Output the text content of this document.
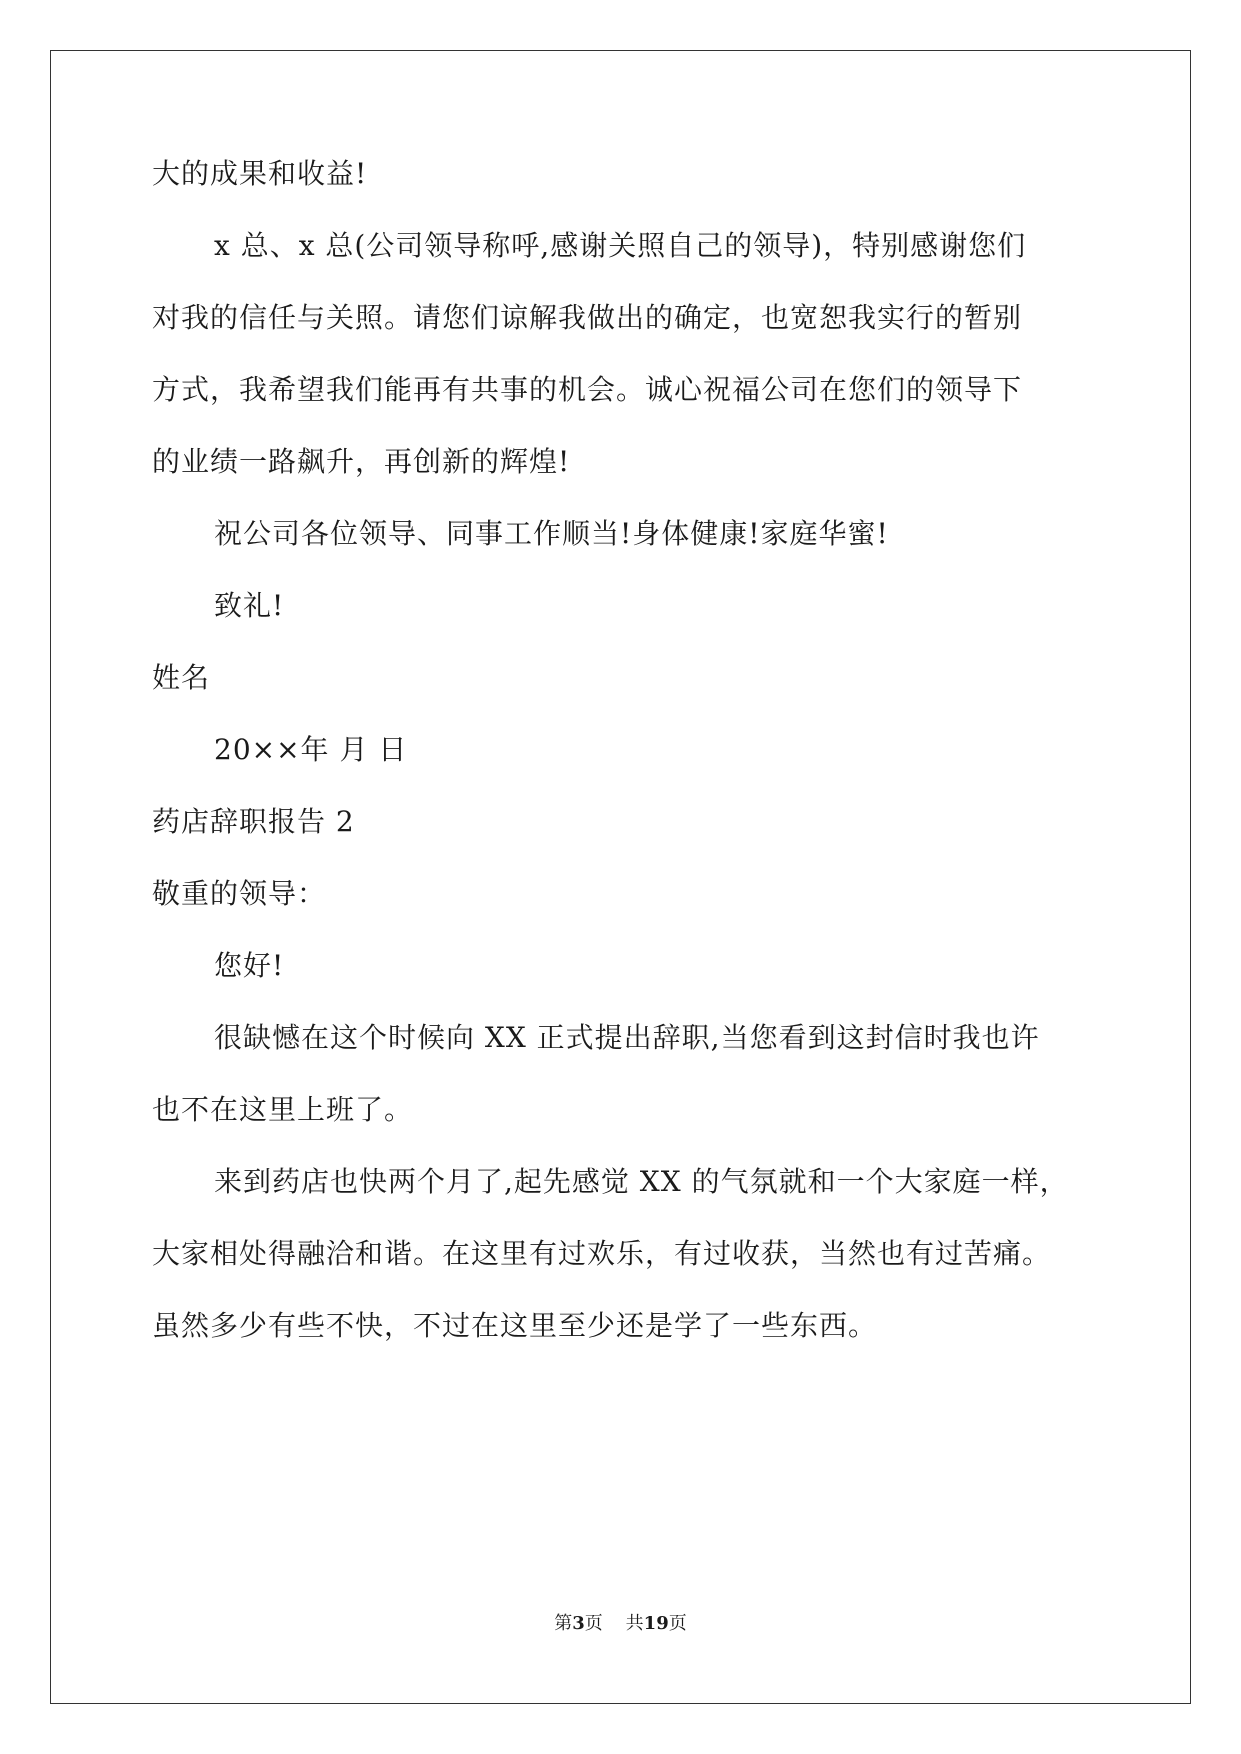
大的成果和收益!
x 总、x 总(公司领导称呼,感谢关照自己的领导)，特别感谢您们
对我的信任与关照。请您们谅解我做出的确定，也宽恕我实行的暂别
方式，我希望我们能再有共事的机会。诚心祝福公司在您们的领导下
的业绩一路飙升，再创新的辉煌!
祝公司各位领导、同事工作顺当!身体健康!家庭华蜜!
致礼!
姓名
20××年 月 日
药店辞职报告 2
敬重的领导：
您好!
很缺憾在这个时候向 XX 正式提出辞职,当您看到这封信时我也许
也不在这里上班了。
来到药店也快两个月了,起先感觉 XX 的气氛就和一个大家庭一样，
大家相处得融洽和谐。在这里有过欢乐，有过收获，当然也有过苦痛。
虽然多少有些不快，不过在这里至少还是学了一些东西。
第3页 共19页
